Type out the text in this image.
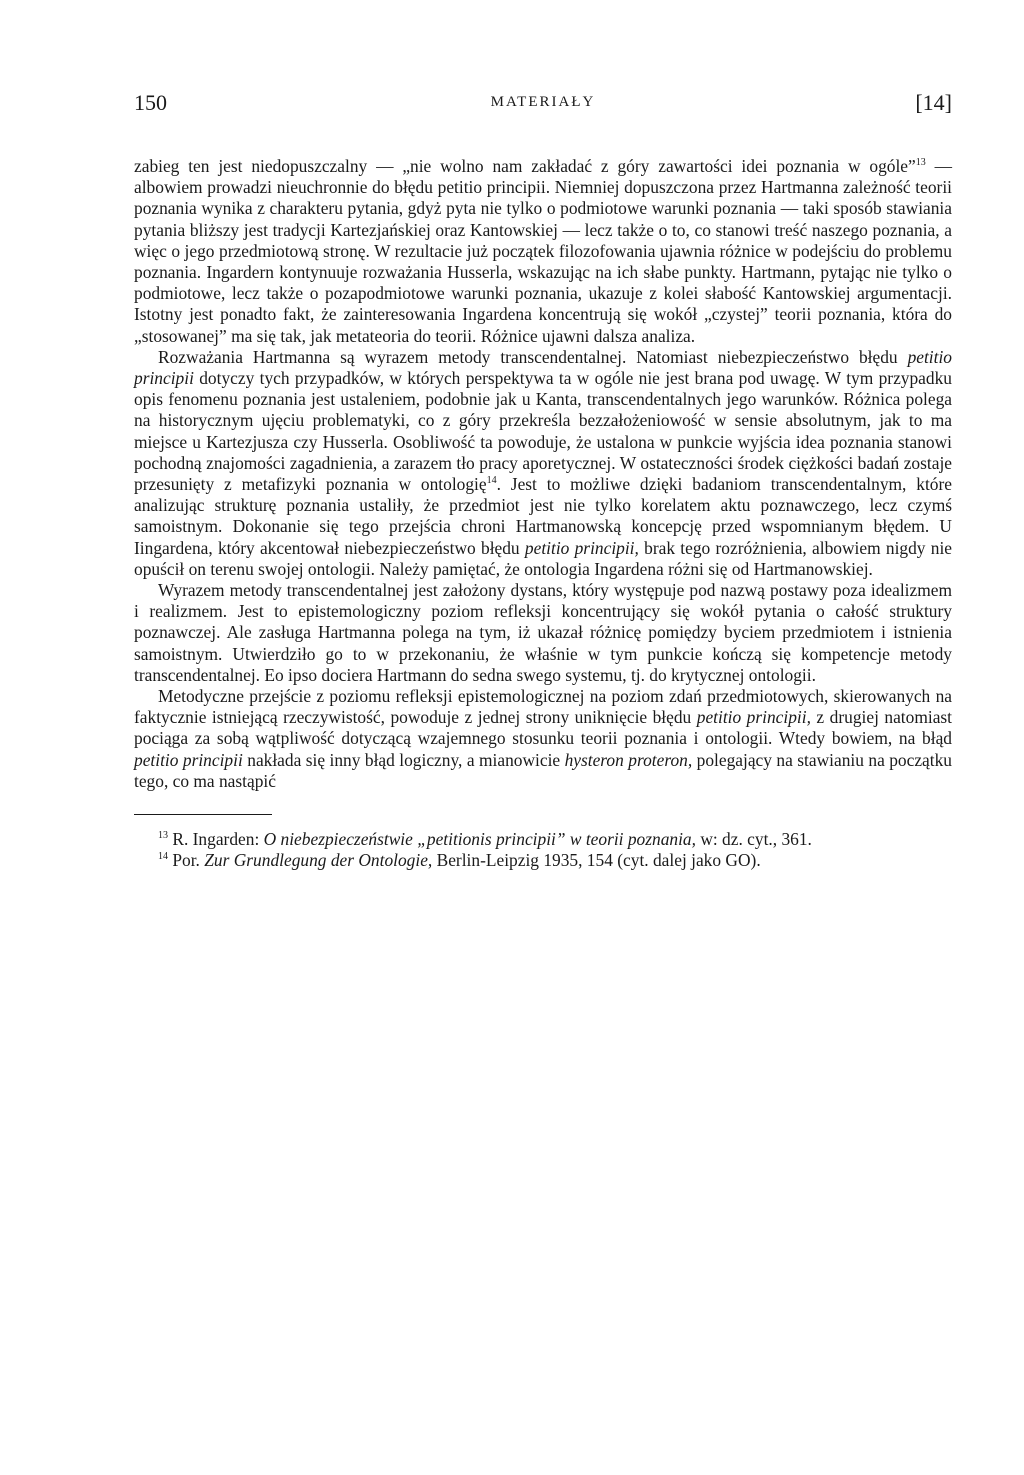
150	MATERIAŁY	[14]

zabieg ten jest niedopuszczalny — „nie wolno nam zakładać z góry zawartości idei poznania w ogóle”$^{13}$ — albowiem prowadzi nieuchronnie do błędu petitio principii. Niemniej dopuszczona przez Hartmanna zależność teorii poznania wynika z charakteru pytania, gdyż pyta nie tylko o podmiotowe warunki poznania — taki sposób stawiania pytania bliższy jest tradycji Kartezjańskiej oraz Kantowskiej — lecz także o to, co stanowi treść naszego poznania, a więc o jego przedmiotową stronę. W rezultacie już początek filozofowania ujawnia różnice w podejściu do problemu poznania. Ingardern kontynuuje rozważania Husserla, wskazując na ich słabe punkty. Hartmann, pytając nie tylko o podmiotowe, lecz także o pozapodmiotowe warunki poznania, ukazuje z kolei słabość Kantowskiej argumentacji. Istotny jest ponadto fakt, że zainteresowania Ingardena koncentrują się wokół „czystej” teorii poznania, która do „stosowanej” ma się tak, jak metateoria do teorii. Różnice ujawni dalsza analiza.

Rozważania Hartmanna są wyrazem metody transcendentalnej. Natomiast niebezpieczeństwo błędu petitio principii dotyczy tych przypadków, w których perspektywa ta w ogóle nie jest brana pod uwagę. W tym przypadku opis fenomenu poznania jest ustaleniem, podobnie jak u Kanta, transcendentalnych jego warunków. Różnica polega na historycznym ujęciu problematyki, co z góry przekreśla bezzałożeniowość w sensie absolutnym, jak to ma miejsce u Kartezjusza czy Husserla. Osobliwość ta powoduje, że ustalona w punkcie wyjścia idea poznania stanowi pochodną znajomości zagadnienia, a zarazem tło pracy aporetycznej. W ostateczności środek ciężkości badań zostaje przesunięty z metafizyki poznania w ontologię$^{14}$. Jest to możliwe dzięki badaniom transcendentalnym, które analizując strukturę poznania ustaliły, że przedmiot jest nie tylko korelatem aktu poznawczego, lecz czymś samoistnym. Dokonanie się tego przejścia chroni Hartmanowską koncepcję przed wspomnianym błędem. U Iingardena, który akcentował niebezpieczeństwo błędu petitio principii, brak tego rozróżnienia, albowiem nigdy nie opuścił on terenu swojej ontologii. Należy pamiętać, że ontologia Ingardena różni się od Hartmanowskiej.

Wyrazem metody transcendentalnej jest założony dystans, który występuje pod nazwą postawy poza idealizmem i realizmem. Jest to epistemologiczny poziom refleksji koncentrujący się wokół pytania o całość struktury poznawczej. Ale zasługa Hartmanna polega na tym, iż ukazał różnicę pomiędzy byciem przedmiotem i istnienia samoistnym. Utwierdziło go to w przekonaniu, że właśnie w tym punkcie kończą się kompetencje metody transcendentalnej. Eo ipso dociera Hartmann do sedna swego systemu, tj. do krytycznej ontologii.

Metodyczne przejście z poziomu refleksji epistemologicznej na poziom zdań przedmiotowych, skierowanych na faktycznie istniejącą rzeczywistość, powoduje z jednej strony uniknięcie błędu petitio principii, z drugiej natomiast pociąga za sobą wątpliwość dotyczącą wzajemnego stosunku teorii poznania i ontologii. Wtedy bowiem, na błąd petitio principii nakłada się inny błąd logiczny, a mianowicie hysteron proteron, polegający na stawianiu na początku tego, co ma nastąpić

$^{13}$ R. Ingarden: O niebezpieczeństwie „petitionis principii” w teorii poznania, w: dz. cyt., 361.

$^{14}$ Por. Zur Grundlegung der Ontologie, Berlin-Leipzig 1935, 154 (cyt. dalej jako GO).
